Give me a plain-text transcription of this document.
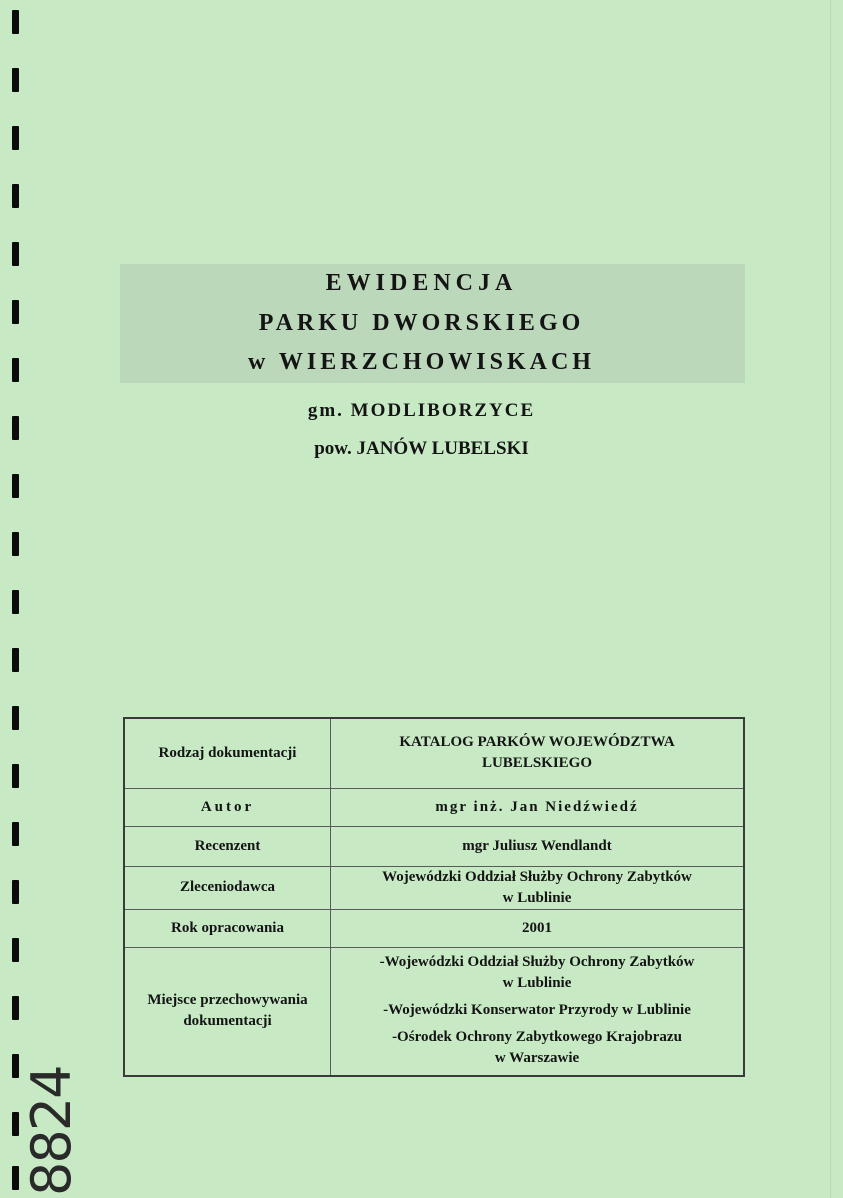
EWIDENCJA
PARKU DWORSKIEGO
w WIERZCHOWISKACH
gm. MODLIBORZYCE
pow. JANÓW LUBELSKI
Rodzaj dokumentacji	KATALOG PARKÓW WOJEWÓDZTWA
LUBELSKIEGO
Autor	mgr inż. Jan Niedźwiedź
Recenzent	mgr Juliusz Wendlandt
Zleceniodawca	Wojewódzki Oddział Służby Ochrony Zabytków
w Lublinie
Rok opracowania	2001
Miejsce przechowywania
dokumentacji	-Wojewódzki Oddział Służby Ochrony Zabytków
w Lublinie
-Wojewódzki Konserwator Przyrody w Lublinie
-Ośrodek Ochrony Zabytkowego Krajobrazu
w Warszawie
8824
